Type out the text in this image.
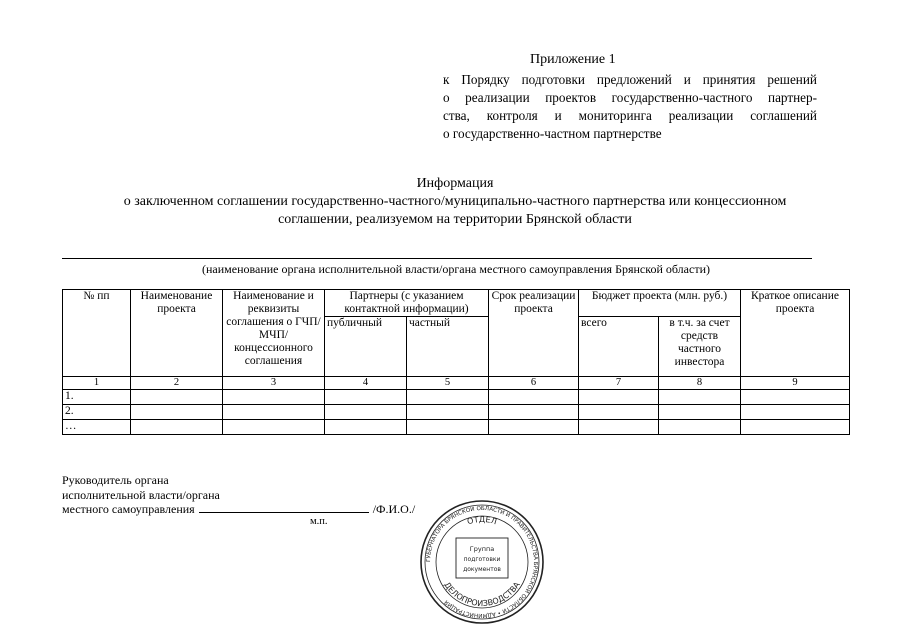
Приложение 1
к Порядку подготовки предложений и принятия решений
о реализации проектов государственно-частного партнер-
ства, контроля и мониторинга реализации соглашений
о государственно-частном партнерстве
Информация
о заключенном соглашении государственно-частного/муниципально-частного партнерства или концессионном
соглашении, реализуемом на территории Брянской области
(наименование органа исполнительной власти/органа местного самоуправления Брянской области)
№ пп	Наименование проекта	Наименование и реквизиты соглашения о ГЧП/МЧП/ концессионного соглашения	Партнеры (с указанием контактной информации)		Срок реализации проекта	Бюджет проекта (млн. руб.)		Краткое описание проекта
			публичный	частный		всего	в т.ч. за счет средств частного инвестора	
1	2	3	4	5	6	7	8	9
1.								
2.								
…								
Руководитель органа
исполнительной власти/органа
местного самоуправления	/Ф.И.О./
м.п.
ГУБЕРНАТОРА БРЯНСКОЙ ОБЛАСТИ И ПРАВИТЕЛЬСТВА БРЯНСКОЙ ОБЛАСТИ • АДМИНИСТРАЦИЯ
ОТДЕЛ
ДЕЛОПРОИЗВОДСТВА
Группа
подготовки
документов
